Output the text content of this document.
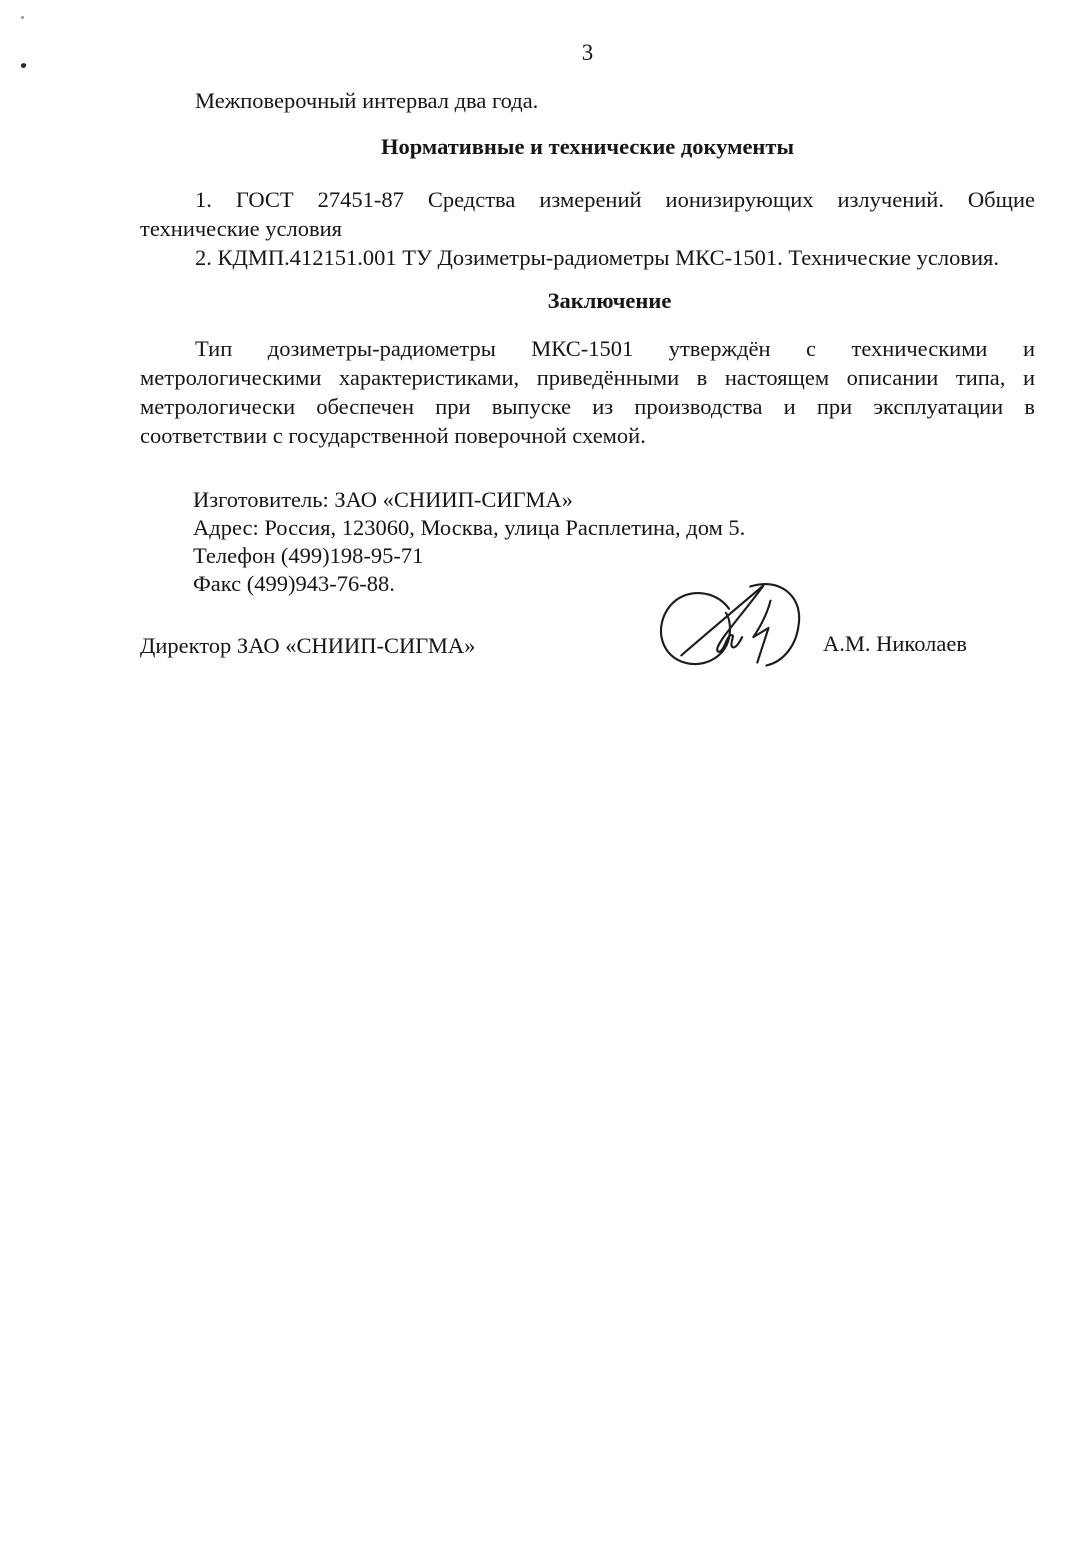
3
Межповерочный интервал два года.
Нормативные и технические документы
1. ГОСТ 27451-87 Средства измерений ионизирующих излучений. Общие
технические условия
2. КДМП.412151.001 ТУ Дозиметры-радиометры МКС-1501. Технические условия.
Заключение
Тип дозиметры-радиометры МКС-1501 утверждён с техническими и
метрологическими характеристиками, приведёнными в настоящем описании типа, и
метрологически обеспечен при выпуске из производства и при эксплуатации в
соответствии с государственной поверочной схемой.
Изготовитель: ЗАО «СНИИП-СИГМА»
Адрес: Россия, 123060, Москва, улица Расплетина, дом 5.
Телефон (499)198-95-71
Факс (499)943-76-88.
Директор ЗАО «СНИИП-СИГМА»	А.М. Николаев
